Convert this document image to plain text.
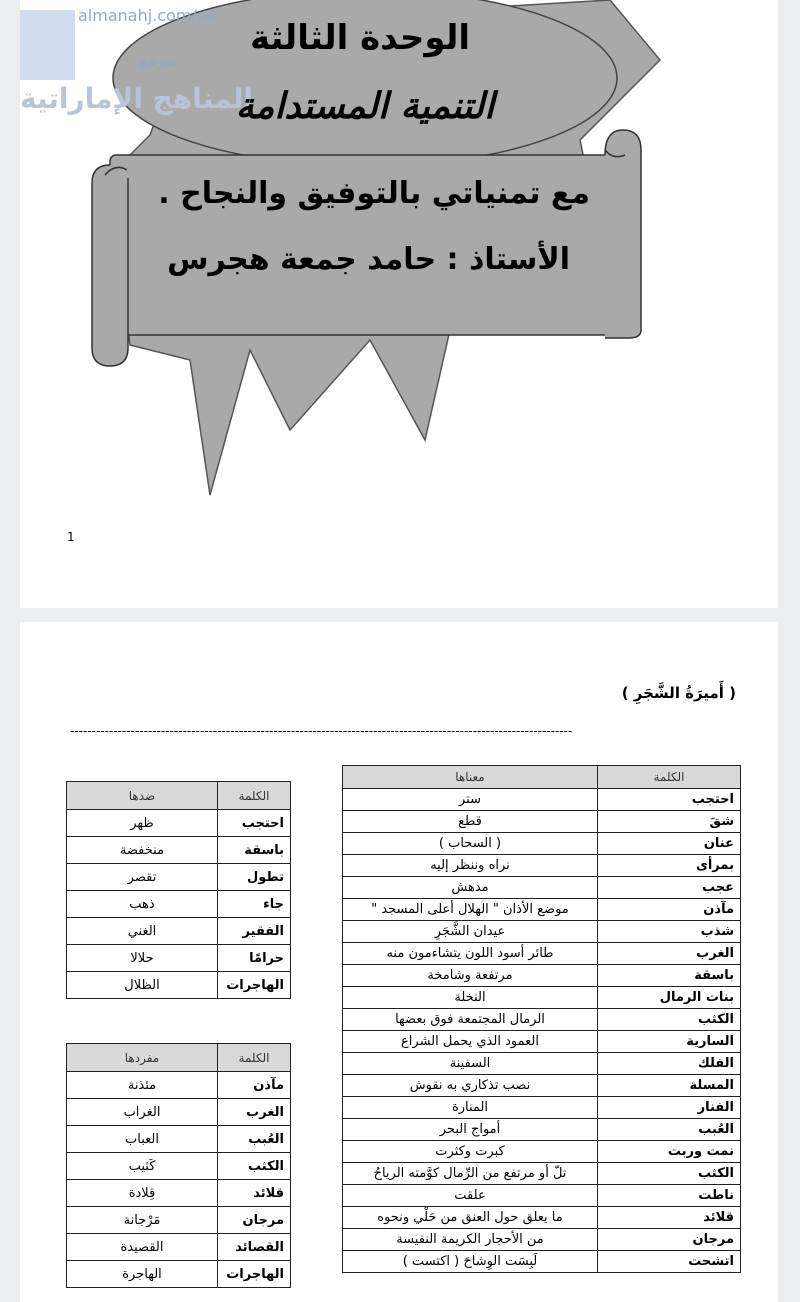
almanahj.com/ae
موقع
المناهج الإماراتية
الوحدة الثالثة
التنمية المستدامة
مع تمنياتي بالتوفيق والنجاح .
الأستاذ : حامد جمعة هجرس
1
( أَميرَةُ الشَّجَرِ )
--------------------------------------------------------------------------------------------------------------------
الكلمة	معناها
احتجب	ستر
شقَ	قطع
عنان	( السحاب )
بمرأى	نراه وننظر إليه
عجب	مدهش
مآذن	موضع الأذان " الهلال أعلى المسجد "
شذب	عيدان الشَّجَرِ
الغرب	طائر أسود اللون يتشاءمون منه
باسقة	مرتفعة وشامخة
بنات الرمال	النخلة
الكثب	الرمال المجتمعة فوق بعضها
السارية	العمود الذي يحمل الشراع
الفلك	السفينة
المسلة	نصب تذكاري به نقوش
الفنار	المنارة
العُبب	أمواج البحر
نمت وربت	كبرت وكثرت
الكثب	تلّ أو مرتفع من الرِّمال كوَّمته الرياحُ
ناطت	علقت
قلائد	ما يعلق حول العنق من حَلْي ونحوه
مرجان	من الأحجار الكريمة النفيسة
اتشحت	لَبِسَت الوِشاحَ ( اكتست )
الكلمة	ضدها
احتجب	ظهر
باسقة	منخفضة
تطول	تقصر
جاء	ذهب
الفقير	الغني
حرامًا	حلالا
الهاجرات	الظلال
الكلمة	مفردها
مآذن	مئذنة
الغرب	الغراب
العُبب	العباب
الكثب	كَثيب
قلائد	قِلادة
مرجان	مَرْجانة
القصائد	القصيدة
الهاجرات	الهاجرة
